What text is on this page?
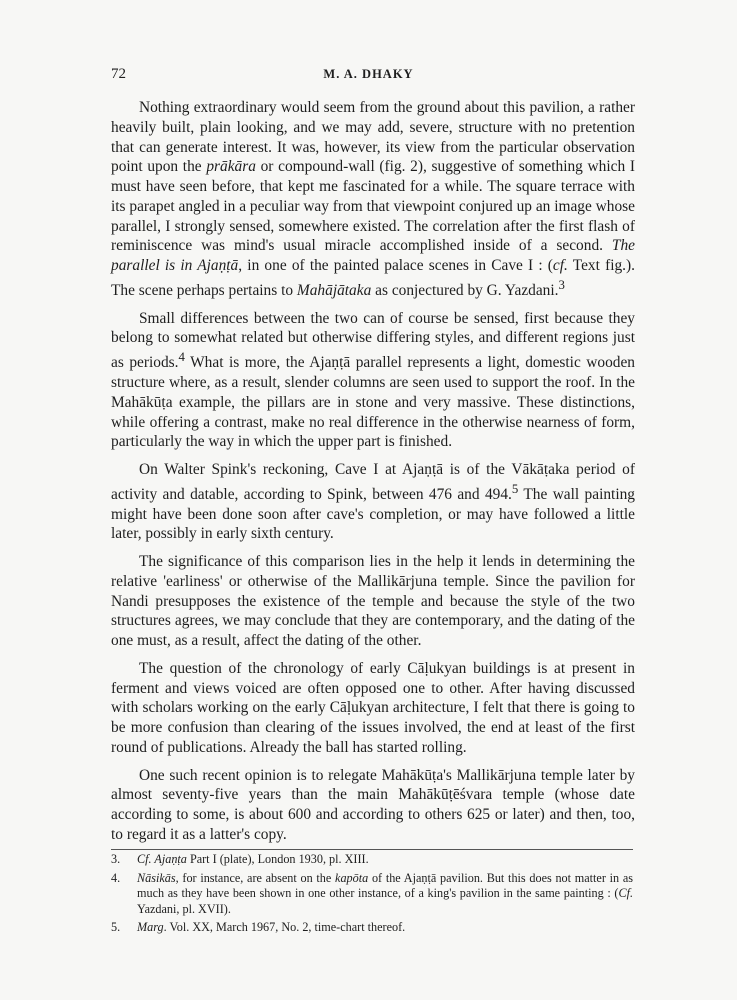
72	M. A. DHAKY

Nothing extraordinary would seem from the ground about this pavilion, a rather heavily built, plain looking, and we may add, severe, structure with no pretention that can generate interest. It was, however, its view from the particular observation point upon the prākāra or compound-wall (fig. 2), suggestive of something which I must have seen before, that kept me fascinated for a while. The square terrace with its parapet angled in a peculiar way from that viewpoint conjured up an image whose parallel, I strongly sensed, somewhere existed. The correlation after the first flash of reminiscence was mind's usual miracle accomplished inside of a second. The parallel is in Ajaṇṭā, in one of the painted palace scenes in Cave I : (cf. Text fig.). The scene perhaps pertains to Mahājātaka as conjectured by G. Yazdani.$^3$

Small differences between the two can of course be sensed, first because they belong to somewhat related but otherwise differing styles, and different regions just as periods.$^4$ What is more, the Ajaṇṭā parallel represents a light, domestic wooden structure where, as a result, slender columns are seen used to support the roof. In the Mahākūṭa example, the pillars are in stone and very massive. These distinctions, while offering a contrast, make no real difference in the otherwise nearness of form, particularly the way in which the upper part is finished.

On Walter Spink's reckoning, Cave I at Ajaṇṭā is of the Vākāṭaka period of activity and datable, according to Spink, between 476 and 494.$^5$ The wall painting might have been done soon after cave's completion, or may have followed a little later, possibly in early sixth century.

The significance of this comparison lies in the help it lends in determining the relative 'earliness' or otherwise of the Mallikārjuna temple. Since the pavilion for Nandi presupposes the existence of the temple and because the style of the two structures agrees, we may conclude that they are contemporary, and the dating of the one must, as a result, affect the dating of the other.

The question of the chronology of early Cāḷukyan buildings is at present in ferment and views voiced are often opposed one to other. After having discussed with scholars working on the early Cāḷukyan architecture, I felt that there is going to be more confusion than clearing of the issues involved, the end at least of the first round of publications. Already the ball has started rolling.

One such recent opinion is to relegate Mahākūṭa's Mallikārjuna temple later by almost seventy-five years than the main Mahākūṭēśvara temple (whose date according to some, is about 600 and according to others 625 or later) and then, too, to regard it as a latter's copy.

3.	Cf. Ajaṇṭa Part I (plate), London 1930, pl. XIII.
4.	Nāsikās, for instance, are absent on the kapōta of the Ajaṇṭā pavilion. But this does not matter in as much as they have been shown in one other instance, of a king's pavilion in the same painting : (Cf. Yazdani, pl. XVII).
5.	Marg. Vol. XX, March 1967, No. 2, time-chart thereof.
